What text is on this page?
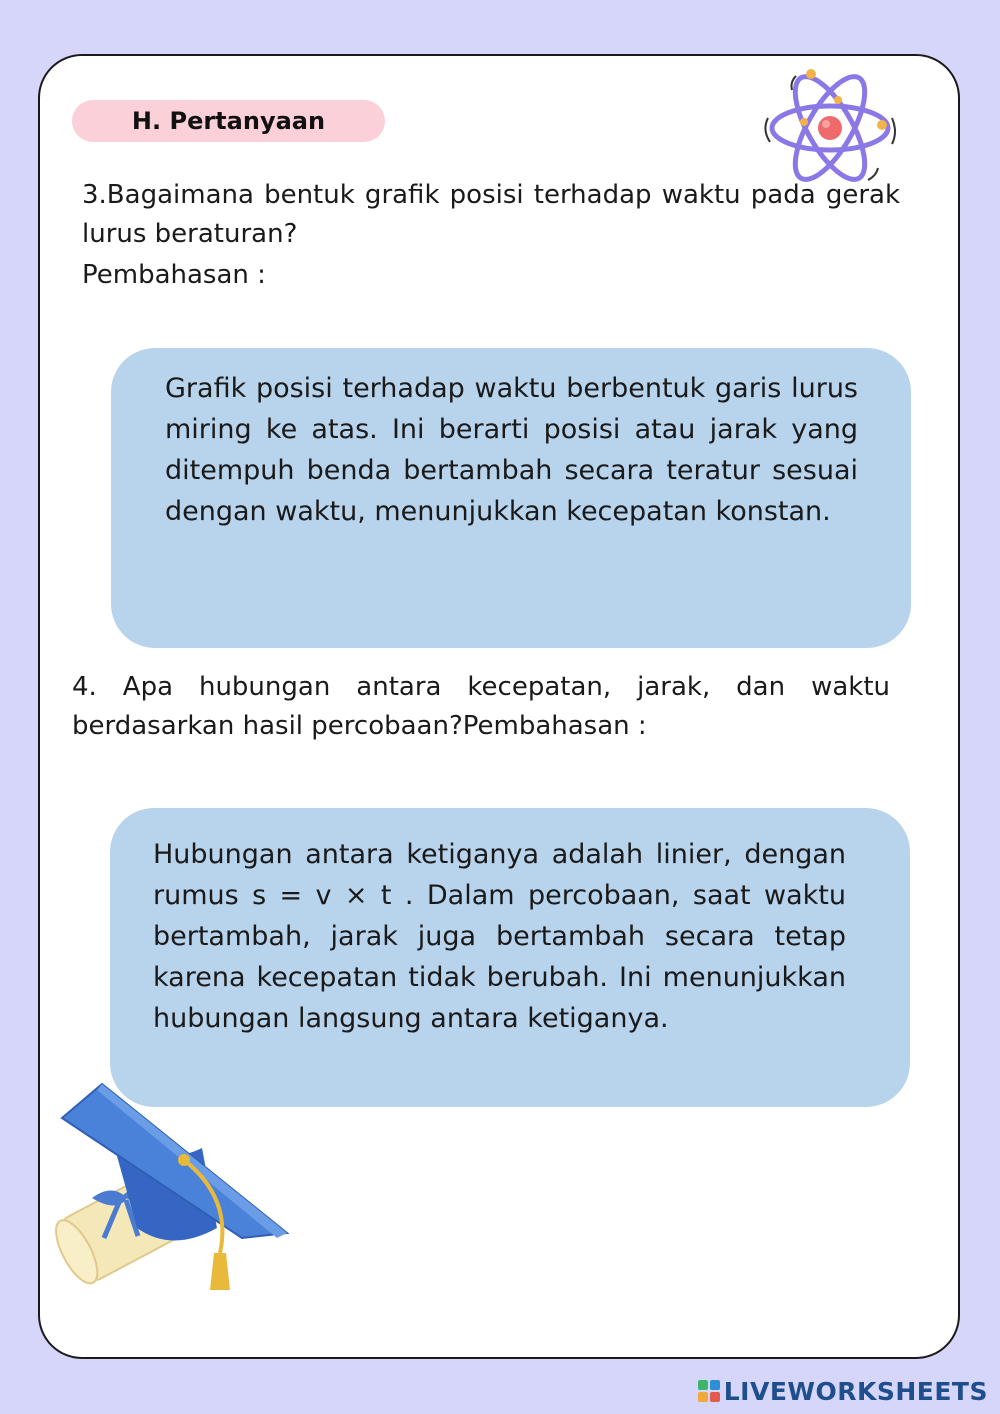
H. Pertanyaan
3.Bagaimana bentuk grafik posisi terhadap waktu pada gerak lurus beraturan?
Pembahasan :
Grafik posisi terhadap waktu berbentuk garis lurus miring ke atas. Ini berarti posisi atau jarak yang ditempuh benda bertambah secara teratur sesuai dengan waktu, menunjukkan kecepatan konstan.
4. Apa hubungan antara kecepatan, jarak, dan waktu berdasarkan hasil percobaan?Pembahasan :
Hubungan antara ketiganya adalah linier, dengan rumus s = v × t . Dalam percobaan, saat waktu bertambah, jarak juga bertambah secara tetap karena kecepatan tidak berubah. Ini menunjukkan hubungan langsung antara ketiganya.
LIVEWORKSHEETS
